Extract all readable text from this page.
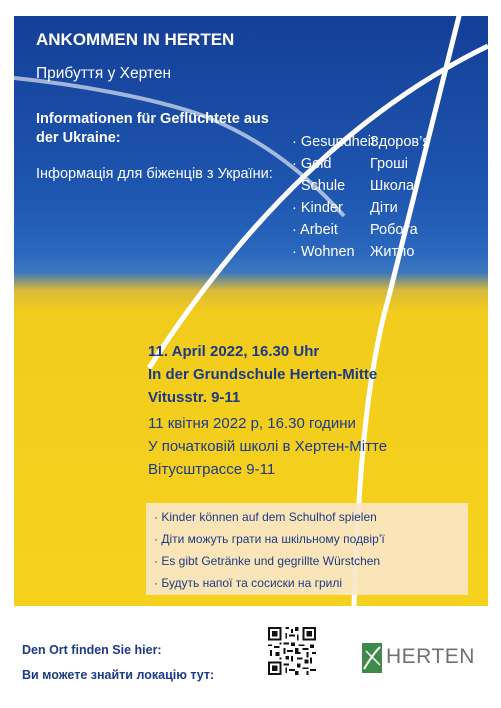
ANKOMMEN IN HERTEN

Прибуття у Хертен

Informationen für Geflüchtete aus der Ukraine:

Інформація для біженців з України:

· Gesundheit
Здоров’я
· Geld	Гроші
· Schule Школа
· Kinder Діти
· Arbeit Робота
· Wohnen Житло

11. April 2022, 16.30 Uhr

In der Grundschule Herten-Mitte

Vitusstr. 9-11

11 квітня 2022 р, 16.30 години

У початковій школі в Хертен-Мітте

Вітусштрассе 9-11

· Kinder können auf dem Schulhof spielen
· Діти можуть грати на шкільному подвір’ї
· Es gibt Getränke und gegrillte Würstchen
· Будуть напої та сосиски на грилі

Den Ort finden Sie hier:

Ви можете знайти локацію тут:

HERTEN
